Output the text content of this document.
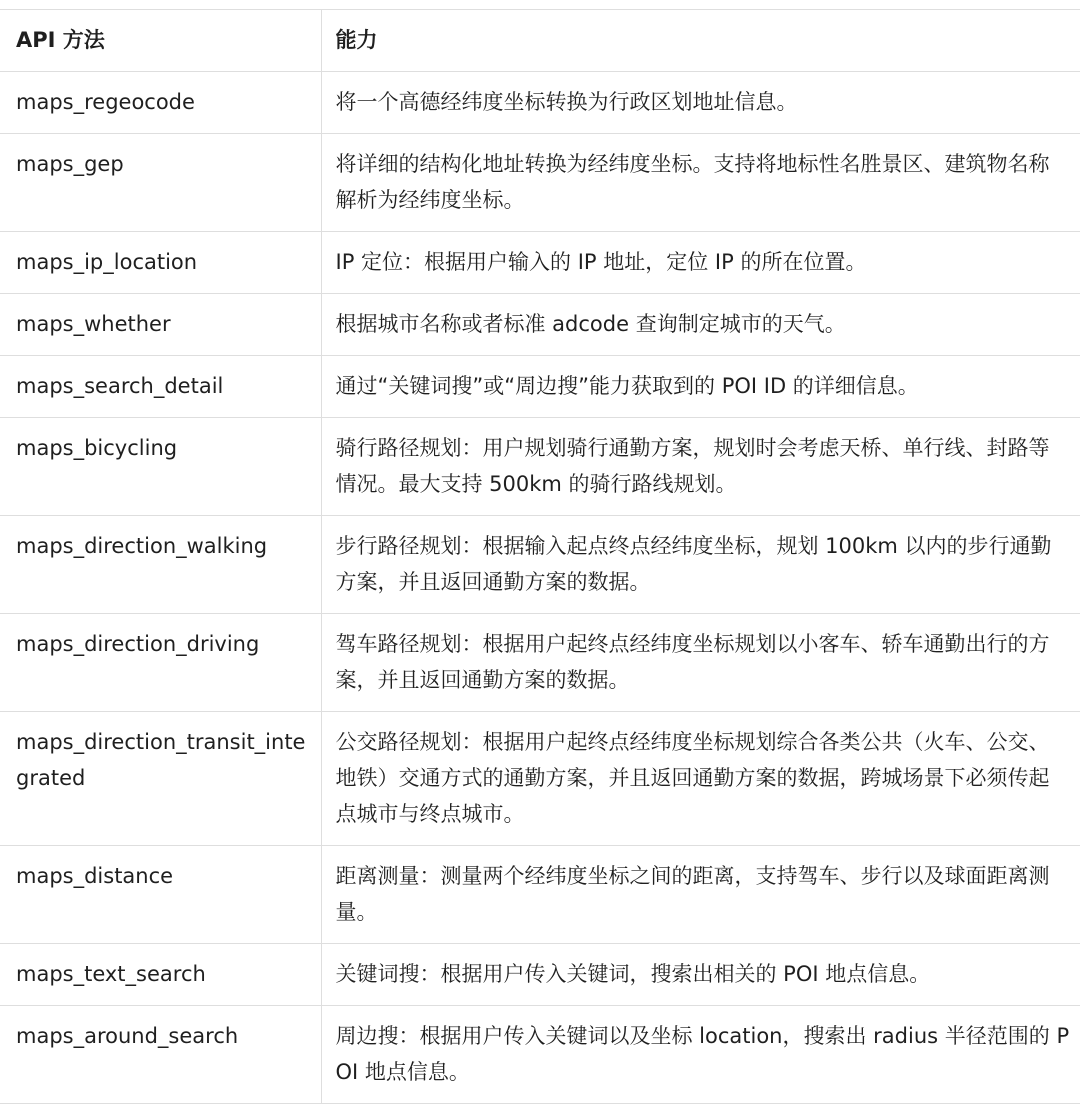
API 方法	能力
maps_regeocode	将一个高德经纬度坐标转换为行政区划地址信息。
maps_gep	将详细的结构化地址转换为经纬度坐标。支持将地标性名胜景区、建筑物名称解析为经纬度坐标。
maps_ip_location	IP 定位：根据用户输入的 IP 地址，定位 IP 的所在位置。
maps_whether	根据城市名称或者标准 adcode 查询制定城市的天气。
maps_search_detail	通过“关键词搜”或“周边搜”能力获取到的 POI ID 的详细信息。
maps_bicycling	骑行路径规划：用户规划骑行通勤方案，规划时会考虑天桥、单行线、封路等情况。最大支持 500km 的骑行路线规划。
maps_direction_walking	步行路径规划：根据输入起点终点经纬度坐标，规划 100km 以内的步行通勤方案，并且返回通勤方案的数据。
maps_direction_driving	驾车路径规划：根据用户起终点经纬度坐标规划以小客车、轿车通勤出行的方案，并且返回通勤方案的数据。
maps_direction_transit_integrated	公交路径规划：根据用户起终点经纬度坐标规划综合各类公共（火车、公交、地铁）交通方式的通勤方案，并且返回通勤方案的数据，跨城场景下必须传起点城市与终点城市。
maps_distance	距离测量：测量两个经纬度坐标之间的距离，支持驾车、步行以及球面距离测量。
maps_text_search	关键词搜：根据用户传入关键词，搜索出相关的 POI 地点信息。
maps_around_search	周边搜：根据用户传入关键词以及坐标 location，搜索出 radius 半径范围的 POI 地点信息。
